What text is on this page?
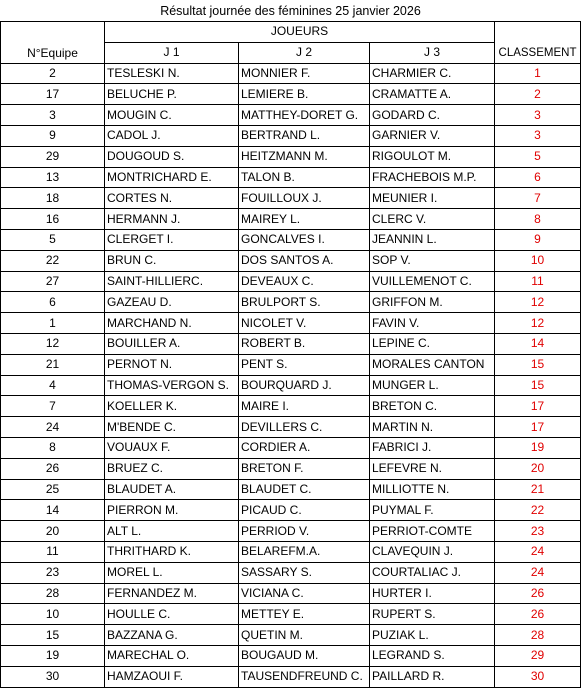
Résultat journée des féminines 25 janvier 2026
N°Equipe	JOUEURS			CLASSEMENT
	J 1	J 2	J 3	
2	TESLESKI N.	MONNIER F.	CHARMIER C.	1
17	BELUCHE P.	LEMIERE B.	CRAMATTE A.	2
3	MOUGIN C.	MATTHEY-DORET G.	GODARD C.	3
9	CADOL J.	BERTRAND L.	GARNIER V.	3
29	DOUGOUD S.	HEITZMANN M.	RIGOULOT M.	5
13	MONTRICHARD E.	TALON B.	FRACHEBOIS M.P.	6
18	CORTES N.	FOUILLOUX J.	MEUNIER I.	7
16	HERMANN J.	MAIREY L.	CLERC V.	8
5	CLERGET I.	GONCALVES I.	JEANNIN L.	9
22	BRUN C.	DOS SANTOS A.	SOP V.	10
27	SAINT-HILLIERC.	DEVEAUX C.	VUILLEMENOT C.	11
6	GAZEAU D.	BRULPORT S.	GRIFFON M.	12
1	MARCHAND N.	NICOLET V.	FAVIN V.	12
12	BOUILLER A.	ROBERT B.	LEPINE C.	14
21	PERNOT N.	PENT S.	MORALES CANTON	15
4	THOMAS-VERGON S.	BOURQUARD J.	MUNGER L.	15
7	KOELLER K.	MAIRE I.	BRETON C.	17
24	M'BENDE C.	DEVILLERS C.	MARTIN N.	17
8	VOUAUX F.	CORDIER A.	FABRICI J.	19
26	BRUEZ C.	BRETON F.	LEFEVRE N.	20
25	BLAUDET A.	BLAUDET C.	MILLIOTTE N.	21
14	PIERRON M.	PICAUD C.	PUYMAL F.	22
20	ALT L.	PERRIOD V.	PERRIOT-COMTE	23
11	THRITHARD K.	BELAREFM.A.	CLAVEQUIN J.	24
23	MOREL L.	SASSARY S.	COURTALIAC J.	24
28	FERNANDEZ M.	VICIANA C.	HURTER I.	26
10	HOULLE C.	METTEY E.	RUPERT S.	26
15	BAZZANA G.	QUETIN M.	PUZIAK L.	28
19	MARECHAL O.	BOUGAUD M.	LEGRAND S.	29
30	HAMZAOUI F.	TAUSENDFREUND C.	PAILLARD R.	30
